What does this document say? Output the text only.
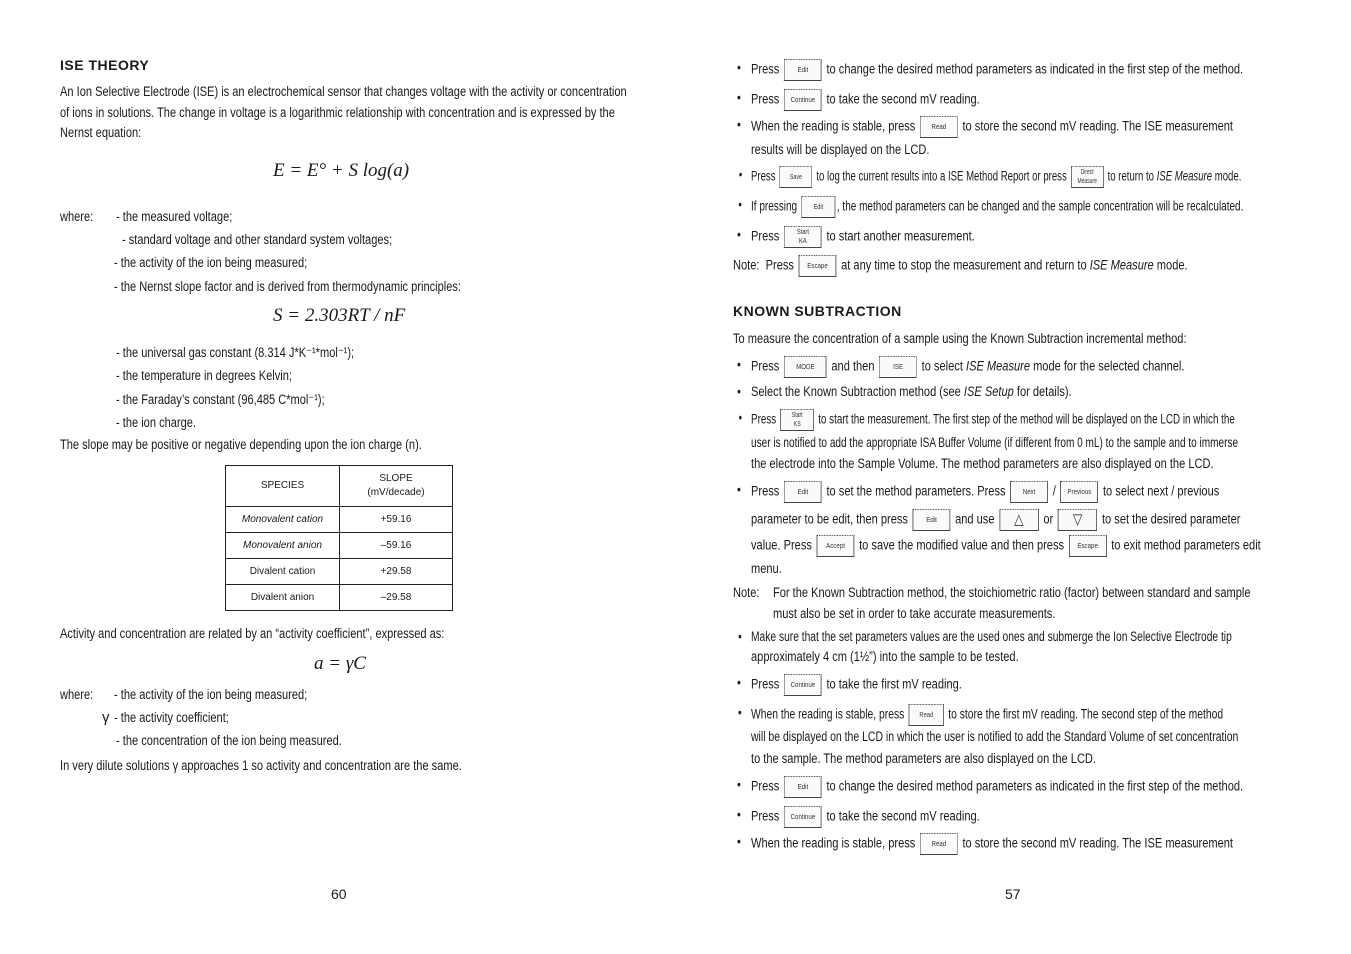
ISE THEORY
An Ion Selective Electrode (ISE) is an electrochemical sensor that changes voltage with the activity or concentration
of ions in solutions. The change in voltage is a logarithmic relationship with concentration and is expressed by the
Nernst equation:
E = E° + S log(a)
where: - the measured voltage;
- standard voltage and other standard system voltages;
- the activity of the ion being measured;
- the Nernst slope factor and is derived from thermodynamic principles:
S = 2.303RT / nF
- the universal gas constant (8.314 J*K⁻¹*mol⁻¹);
- the temperature in degrees Kelvin;
- the Faraday’s constant (96,485 C*mol⁻¹);
- the ion charge.
The slope may be positive or negative depending upon the ion charge (n).
SPECIES	SLOPE
(mV/decade)

Monovalent cation	+59.16
Monovalent anion	–59.16
Divalent cation	+29.58
Divalent anion	–29.58
Activity and concentration are related by an “activity coefficient”, expressed as:
a = γC
where: - the activity of the ion being measured;
γ - the activity coefficient;
- the concentration of the ion being measured.
In very dilute solutions γ approaches 1 so activity and concentration are the same.
60
• Press Edit to change the desired method parameters as indicated in the first step of the method.
• Press Continue to take the second mV reading.
• When the reading is stable, press Read to store the second mV reading. The ISE measurement
results will be displayed on the LCD.
• Press Save to log the current results into a ISE Method Report or press Direct
Measure to return to ISE Measure mode.
• If pressing Edit , the method parameters can be changed and the sample concentration will be recalculated.
• Press	Start
KA to start another measurement.
Note: Press Escape at any time to stop the measurement and return to ISE Measure mode.
KNOWN SUBTRACTION
To measure the concentration of a sample using the Known Subtraction incremental method:
• Press MODE and then ISE to select ISE Measure mode for the selected channel.
• Select the Known Subtraction method (see ISE Setup for details).
• Press Start
KS to start the measurement. The first step of the method will be displayed on the LCD in which the
user is notified to add the appropriate ISA Buffer Volume (if different from 0 mL) to the sample and to immerse
the electrode into the Sample Volume. The method parameters are also displayed on the LCD.
• Press Edit to set the method parameters. Press Next / Previous to select next / previous
parameter to be edit, then press Edit and use △ or ▽ to set the desired parameter
value. Press Accept to save the modified value and then press Escape to exit method parameters edit
menu.
Note: For the Known Subtraction method, the stoichiometric ratio (factor) between standard and sample
must also be set in order to take accurate measurements.
• Make sure that the set parameters values are the used ones and submerge the Ion Selective Electrode tip
approximately 4 cm (1½”) into the sample to be tested.
• Press Continue to take the first mV reading.
• When the reading is stable, press Read to store the first mV reading. The second step of the method
will be displayed on the LCD in which the user is notified to add the Standard Volume of set concentration
to the sample. The method parameters are also displayed on the LCD.
• Press Edit to change the desired method parameters as indicated in the first step of the method.
• Press Continue to take the second mV reading.
• When the reading is stable, press Read to store the second mV reading. The ISE measurement
57
